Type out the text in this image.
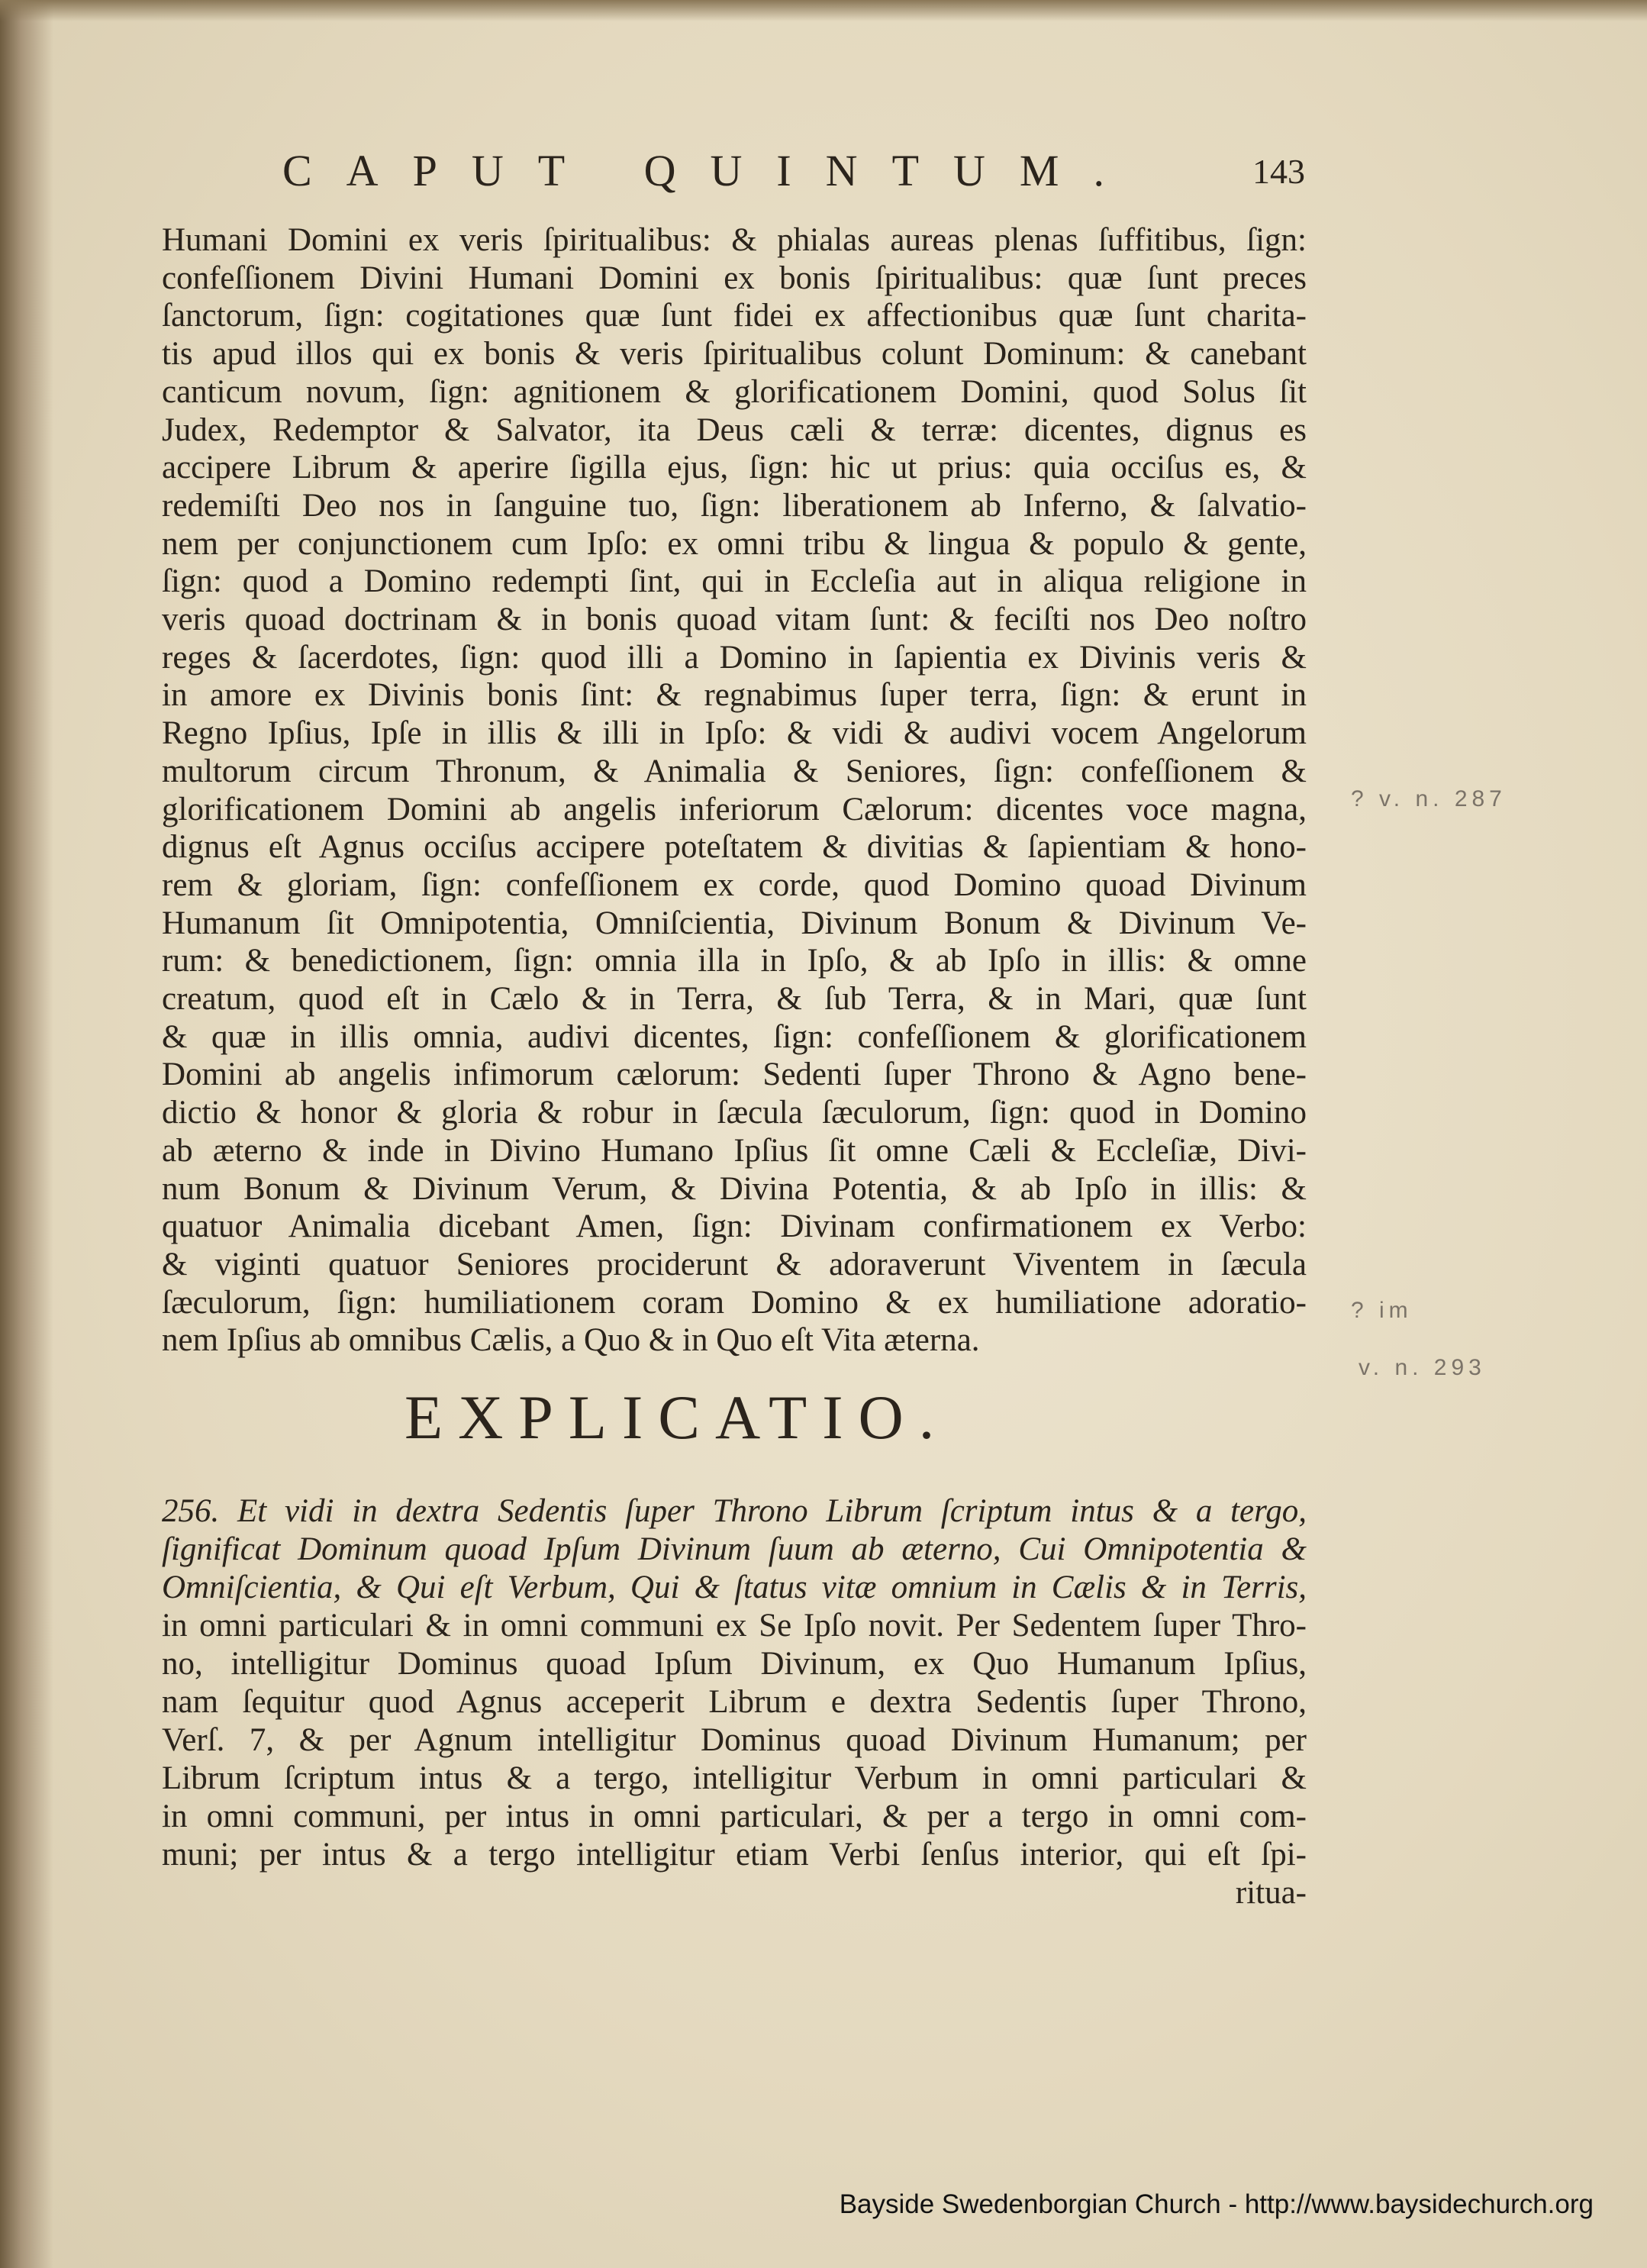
CAPUT QUINTUM.	143
Humani Domini ex veris ſpiritualibus: & phialas aureas plenas ſuffitibus, ſign:
confeſſionem Divini Humani Domini ex bonis ſpiritualibus: quæ ſunt preces
ſanctorum, ſign: cogitationes quæ ſunt fidei ex affectionibus quæ ſunt charita-
tis apud illos qui ex bonis & veris ſpiritualibus colunt Dominum: & canebant
canticum novum, ſign: agnitionem & glorificationem Domini, quod Solus ſit
Judex, Redemptor & Salvator, ita Deus cæli & terræ: dicentes, dignus es
accipere Librum & aperire ſigilla ejus, ſign: hic ut prius: quia occiſus es, &
redemiſti Deo nos in ſanguine tuo, ſign: liberationem ab Inferno, & ſalvatio-
nem per conjunctionem cum Ipſo: ex omni tribu & lingua & populo & gente,
ſign: quod a Domino redempti ſint, qui in Eccleſia aut in aliqua religione in
veris quoad doctrinam & in bonis quoad vitam ſunt: & feciſti nos Deo noſtro
reges & ſacerdotes, ſign: quod illi a Domino in ſapientia ex Divinis veris &
in amore ex Divinis bonis ſint: & regnabimus ſuper terra, ſign: & erunt in
Regno Ipſius, Ipſe in illis & illi in Ipſo: & vidi & audivi vocem Angelorum
multorum circum Thronum, & Animalia & Seniores, ſign: confeſſionem &
glorificationem Domini ab angelis inferiorum Cælorum: dicentes voce magna,
dignus eſt Agnus occiſus accipere poteſtatem & divitias & ſapientiam & hono-
rem & gloriam, ſign: confeſſionem ex corde, quod Domino quoad Divinum
Humanum ſit Omnipotentia, Omniſcientia, Divinum Bonum & Divinum Ve-
rum: & benedictionem, ſign: omnia illa in Ipſo, & ab Ipſo in illis: & omne
creatum, quod eſt in Cælo & in Terra, & ſub Terra, & in Mari, quæ ſunt
& quæ in illis omnia, audivi dicentes, ſign: confeſſionem & glorificationem
Domini ab angelis infimorum cælorum: Sedenti ſuper Throno & Agno bene-
dictio & honor & gloria & robur in ſæcula ſæculorum, ſign: quod in Domino
ab æterno & inde in Divino Humano Ipſius ſit omne Cæli & Eccleſiæ, Divi-
num Bonum & Divinum Verum, & Divina Potentia, & ab Ipſo in illis: &
quatuor Animalia dicebant Amen, ſign: Divinam confirmationem ex Verbo:
& viginti quatuor Seniores prociderunt & adoraverunt Viventem in ſæcula
ſæculorum, ſign: humiliationem coram Domino & ex humiliatione adoratio-
nem Ipſius ab omnibus Cælis, a Quo & in Quo eſt Vita æterna.
EXPLICATIO.
256. Et vidi in dextra Sedentis ſuper Throno Librum ſcriptum intus & a tergo,
ſignificat Dominum quoad Ipſum Divinum ſuum ab æterno, Cui Omnipotentia &
Omniſcientia, & Qui eſt Verbum, Qui & ſtatus vitæ omnium in Cælis & in Terris,
in omni particulari & in omni communi ex Se Ipſo novit. Per Sedentem ſuper Thro-
no, intelligitur Dominus quoad Ipſum Divinum, ex Quo Humanum Ipſius,
nam ſequitur quod Agnus acceperit Librum e dextra Sedentis ſuper Throno,
Verſ. 7, & per Agnum intelligitur Dominus quoad Divinum Humanum; per
Librum ſcriptum intus & a tergo, intelligitur Verbum in omni particulari &
in omni communi, per intus in omni particulari, & per a tergo in omni com-
muni; per intus & a tergo intelligitur etiam Verbi ſenſus interior, qui eſt ſpi-
ritua-
? v. n. 287
? im
v. n. 293
Bayside Swedenborgian Church - http://www.baysidechurch.org
